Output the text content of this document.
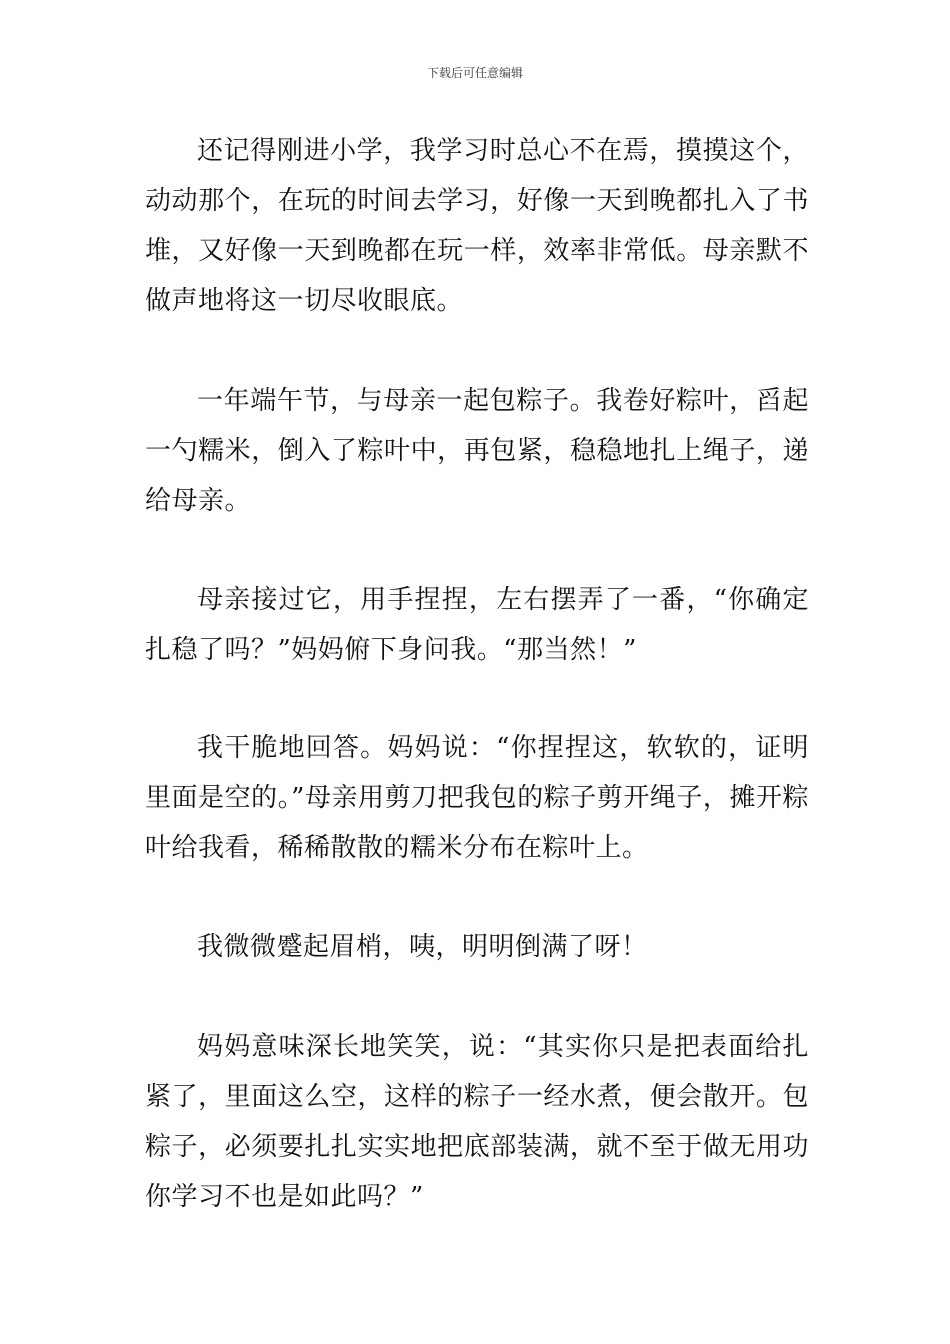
下载后可任意编辑

还记得刚进小学，我学习时总心不在焉，摸摸这个，动动那个，在玩的时间去学习，好像一天到晚都扎入了书堆，又好像一天到晚都在玩一样，效率非常低。母亲默不做声地将这一切尽收眼底。

一年端午节，与母亲一起包粽子。我卷好粽叶，舀起一勺糯米，倒入了粽叶中，再包紧，稳稳地扎上绳子，递给母亲。

母亲接过它，用手捏捏，左右摆弄了一番，“你确定扎稳了吗？”妈妈俯下身问我。“那当然！”

我干脆地回答。妈妈说：“你捏捏这，软软的，证明里面是空的。”母亲用剪刀把我包的粽子剪开绳子，摊开粽叶给我看，稀稀散散的糯米分布在粽叶上。

我微微蹙起眉梢，咦，明明倒满了呀！

妈妈意味深长地笑笑，说：“其实你只是把表面给扎紧了，里面这么空，这样的粽子一经水煮，便会散开。包粽子，必须要扎扎实实地把底部装满，就不至于做无用功你学习不也是如此吗？”
